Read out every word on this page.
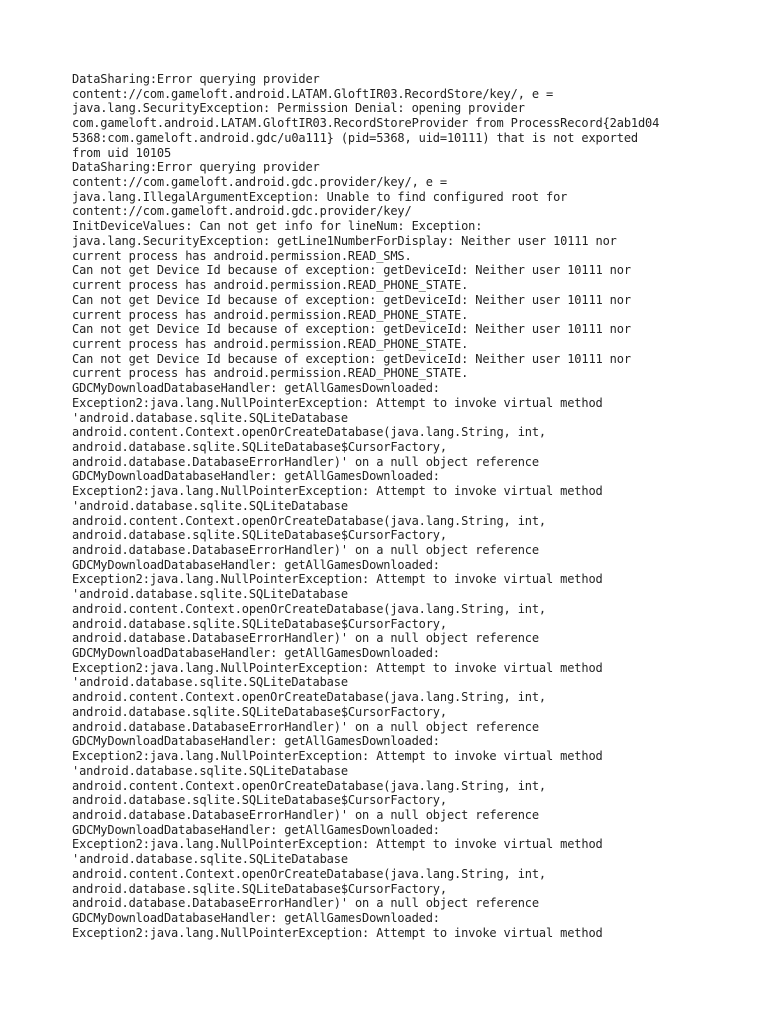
DataSharing:Error querying provider
content://com.gameloft.android.LATAM.GloftIR03.RecordStore/key/, e =
java.lang.SecurityException: Permission Denial: opening provider
com.gameloft.android.LATAM.GloftIR03.RecordStoreProvider from ProcessRecord{2ab1d04
5368:com.gameloft.android.gdc/u0a111} (pid=5368, uid=10111) that is not exported
from uid 10105
DataSharing:Error querying provider
content://com.gameloft.android.gdc.provider/key/, e =
java.lang.IllegalArgumentException: Unable to find configured root for
content://com.gameloft.android.gdc.provider/key/
InitDeviceValues: Can not get info for lineNum: Exception:
java.lang.SecurityException: getLine1NumberForDisplay: Neither user 10111 nor
current process has android.permission.READ_SMS.
Can not get Device Id because of exception: getDeviceId: Neither user 10111 nor
current process has android.permission.READ_PHONE_STATE.
Can not get Device Id because of exception: getDeviceId: Neither user 10111 nor
current process has android.permission.READ_PHONE_STATE.
Can not get Device Id because of exception: getDeviceId: Neither user 10111 nor
current process has android.permission.READ_PHONE_STATE.
Can not get Device Id because of exception: getDeviceId: Neither user 10111 nor
current process has android.permission.READ_PHONE_STATE.
GDCMyDownloadDatabaseHandler: getAllGamesDownloaded:
Exception2:java.lang.NullPointerException: Attempt to invoke virtual method
'android.database.sqlite.SQLiteDatabase
android.content.Context.openOrCreateDatabase(java.lang.String, int,
android.database.sqlite.SQLiteDatabase$CursorFactory,
android.database.DatabaseErrorHandler)' on a null object reference
GDCMyDownloadDatabaseHandler: getAllGamesDownloaded:
Exception2:java.lang.NullPointerException: Attempt to invoke virtual method
'android.database.sqlite.SQLiteDatabase
android.content.Context.openOrCreateDatabase(java.lang.String, int,
android.database.sqlite.SQLiteDatabase$CursorFactory,
android.database.DatabaseErrorHandler)' on a null object reference
GDCMyDownloadDatabaseHandler: getAllGamesDownloaded:
Exception2:java.lang.NullPointerException: Attempt to invoke virtual method
'android.database.sqlite.SQLiteDatabase
android.content.Context.openOrCreateDatabase(java.lang.String, int,
android.database.sqlite.SQLiteDatabase$CursorFactory,
android.database.DatabaseErrorHandler)' on a null object reference
GDCMyDownloadDatabaseHandler: getAllGamesDownloaded:
Exception2:java.lang.NullPointerException: Attempt to invoke virtual method
'android.database.sqlite.SQLiteDatabase
android.content.Context.openOrCreateDatabase(java.lang.String, int,
android.database.sqlite.SQLiteDatabase$CursorFactory,
android.database.DatabaseErrorHandler)' on a null object reference
GDCMyDownloadDatabaseHandler: getAllGamesDownloaded:
Exception2:java.lang.NullPointerException: Attempt to invoke virtual method
'android.database.sqlite.SQLiteDatabase
android.content.Context.openOrCreateDatabase(java.lang.String, int,
android.database.sqlite.SQLiteDatabase$CursorFactory,
android.database.DatabaseErrorHandler)' on a null object reference
GDCMyDownloadDatabaseHandler: getAllGamesDownloaded:
Exception2:java.lang.NullPointerException: Attempt to invoke virtual method
'android.database.sqlite.SQLiteDatabase
android.content.Context.openOrCreateDatabase(java.lang.String, int,
android.database.sqlite.SQLiteDatabase$CursorFactory,
android.database.DatabaseErrorHandler)' on a null object reference
GDCMyDownloadDatabaseHandler: getAllGamesDownloaded:
Exception2:java.lang.NullPointerException: Attempt to invoke virtual method
